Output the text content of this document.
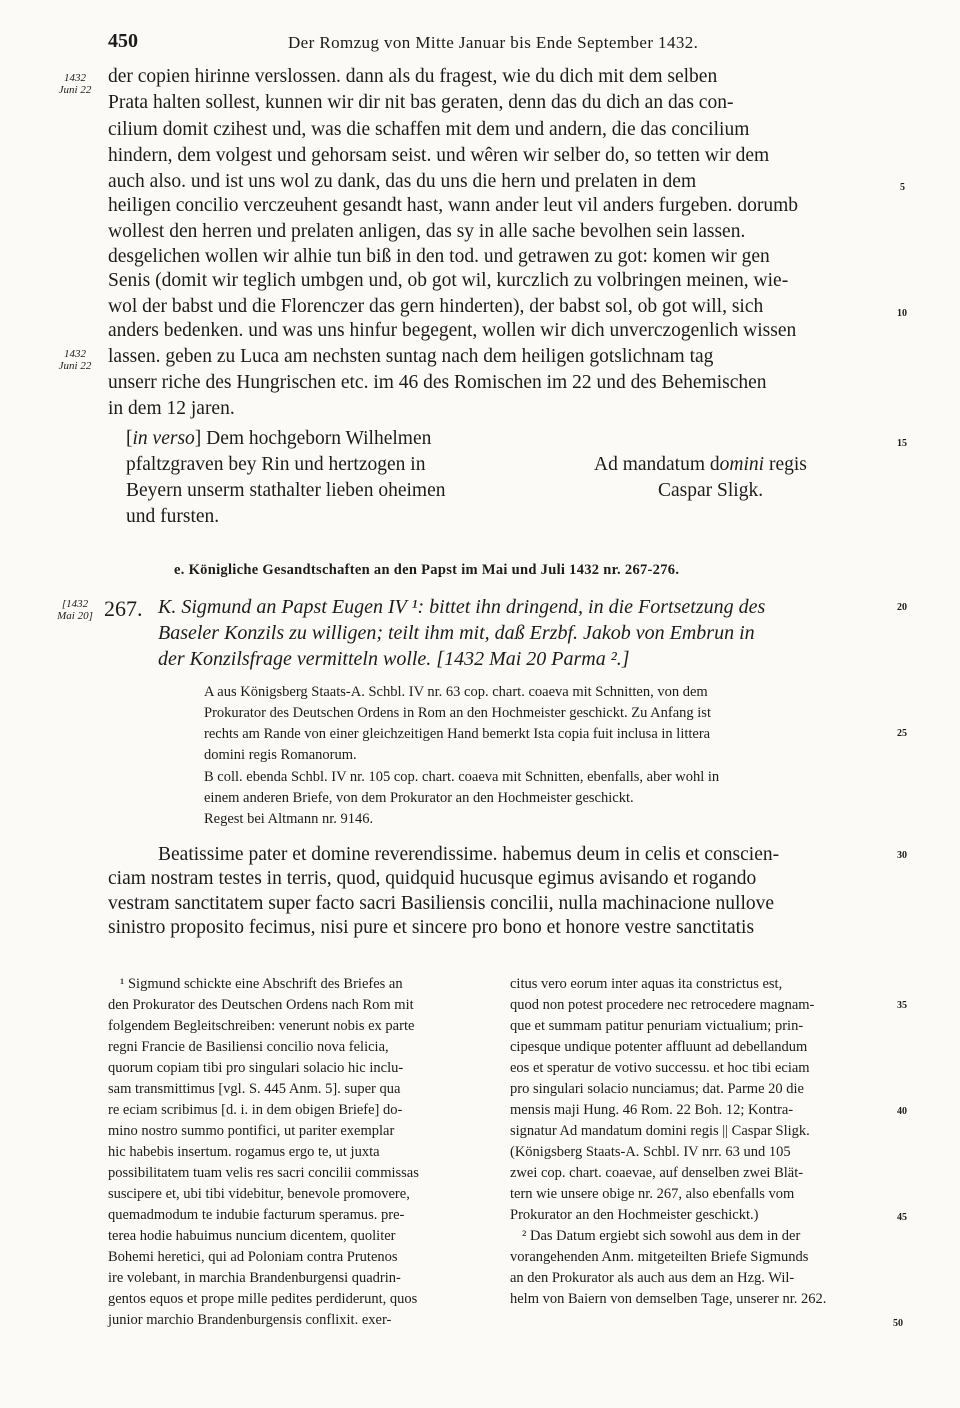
450	Der Romzug von Mitte Januar bis Ende September 1432.
1432
Juni 22
1432
Juni 22
[1432
Mai 20]
5
10
15
20
25
30
35
40
45
50
der copien hirinne verslossen. dann als du fragest, wie du dich mit dem selben
Prata halten sollest, kunnen wir dir nit bas geraten, denn das du dich an das con-
cilium domit czihest und, was die schaffen mit dem und andern, die das concilium
hindern, dem volgest und gehorsam seist. und wêren wir selber do, so tetten wir dem
auch also. und ist uns wol zu dank, das du uns die hern und prelaten in dem
heiligen concilio verczeuhent gesandt hast, wann ander leut vil anders furgeben. dorumb
wollest den herren und prelaten anligen, das sy in alle sache bevolhen sein lassen.
desgelichen wollen wir alhie tun biß in den tod. und getrawen zu got: komen wir gen
Senis (domit wir teglich umbgen und, ob got wil, kurczlich zu volbringen meinen, wie-
wol der babst und die Florenczer das gern hinderten), der babst sol, ob got will, sich
anders bedenken. und was uns hinfur begegent, wollen wir dich unverczogenlich wissen
lassen. geben zu Luca am nechsten suntag nach dem heiligen gotslichnam tag
unserr riche des Hungrischen etc. im 46 des Romischen im 22 und des Behemischen
in dem 12 jaren.
[in verso] Dem hochgeborn Wilhelmen
pfaltzgraven bey Rin und hertzogen in
Beyern unserm stathalter lieben oheimen
und fursten.
Ad mandatum domini regis
Caspar Sligk.
e. Königliche Gesandtschaften an den Papst im Mai und Juli 1432 nr. 267-276.
267. K. Sigmund an Papst Eugen IV ¹: bittet ihn dringend, in die Fortsetzung des
Baseler Konzils zu willigen; teilt ihm mit, daß Erzbf. Jakob von Embrun in
der Konzilsfrage vermitteln wolle. [1432 Mai 20 Parma ².]
A aus Königsberg Staats-A. Schbl. IV nr. 63 cop. chart. coaeva mit Schnitten, von dem
Prokurator des Deutschen Ordens in Rom an den Hochmeister geschickt. Zu Anfang ist
rechts am Rande von einer gleichzeitigen Hand bemerkt Ista copia fuit inclusa in littera
domini regis Romanorum.
B coll. ebenda Schbl. IV nr. 105 cop. chart. coaeva mit Schnitten, ebenfalls, aber wohl in
einem anderen Briefe, von dem Prokurator an den Hochmeister geschickt.
Regest bei Altmann nr. 9146.
Beatissime pater et domine reverendissime. habemus deum in celis et conscien-
ciam nostram testes in terris, quod, quidquid hucusque egimus avisando et rogando
vestram sanctitatem super facto sacri Basiliensis concilii, nulla machinacione nullove
sinistro proposito fecimus, nisi pure et sincere pro bono et honore vestre sanctitatis
¹ Sigmund schickte eine Abschrift des Briefes an
den Prokurator des Deutschen Ordens nach Rom mit
folgendem Begleitschreiben: venerunt nobis ex parte
regni Francie de Basiliensi concilio nova felicia,
quorum copiam tibi pro singulari solacio hic inclu-
sam transmittimus [vgl. S. 445 Anm. 5]. super qua
re eciam scribimus [d. i. in dem obigen Briefe] do-
mino nostro summo pontifici, ut pariter exemplar
hic habebis insertum. rogamus ergo te, ut juxta
possibilitatem tuam velis res sacri concilii commissas
suscipere et, ubi tibi videbitur, benevole promovere,
quemadmodum te indubie facturum speramus. pre-
terea hodie habuimus nuncium dicentem, quoliter
Bohemi heretici, qui ad Poloniam contra Prutenos
ire volebant, in marchia Brandenburgensi quadrin-
gentos equos et prope mille pedites perdiderunt, quos
junior marchio Brandenburgensis conflixit. exer-
citus vero eorum inter aquas ita constrictus est,
quod non potest procedere nec retrocedere magnam-
que et summam patitur penuriam victualium; prin-
cipesque undique potenter affluunt ad debellandum
eos et speratur de votivo successu. et hoc tibi eciam
pro singulari solacio nunciamus; dat. Parme 20 die
mensis maji Hung. 46 Rom. 22 Boh. 12; Kontra-
signatur Ad mandatum domini regis || Caspar Sligk.
(Königsberg Staats-A. Schbl. IV nrr. 63 und 105
zwei cop. chart. coaevae, auf denselben zwei Blät-
tern wie unsere obige nr. 267, also ebenfalls vom
Prokurator an den Hochmeister geschickt.)
² Das Datum ergiebt sich sowohl aus dem in der
vorangehenden Anm. mitgeteilten Briefe Sigmunds
an den Prokurator als auch aus dem an Hzg. Wil-
helm von Baiern von demselben Tage, unserer nr. 262.
